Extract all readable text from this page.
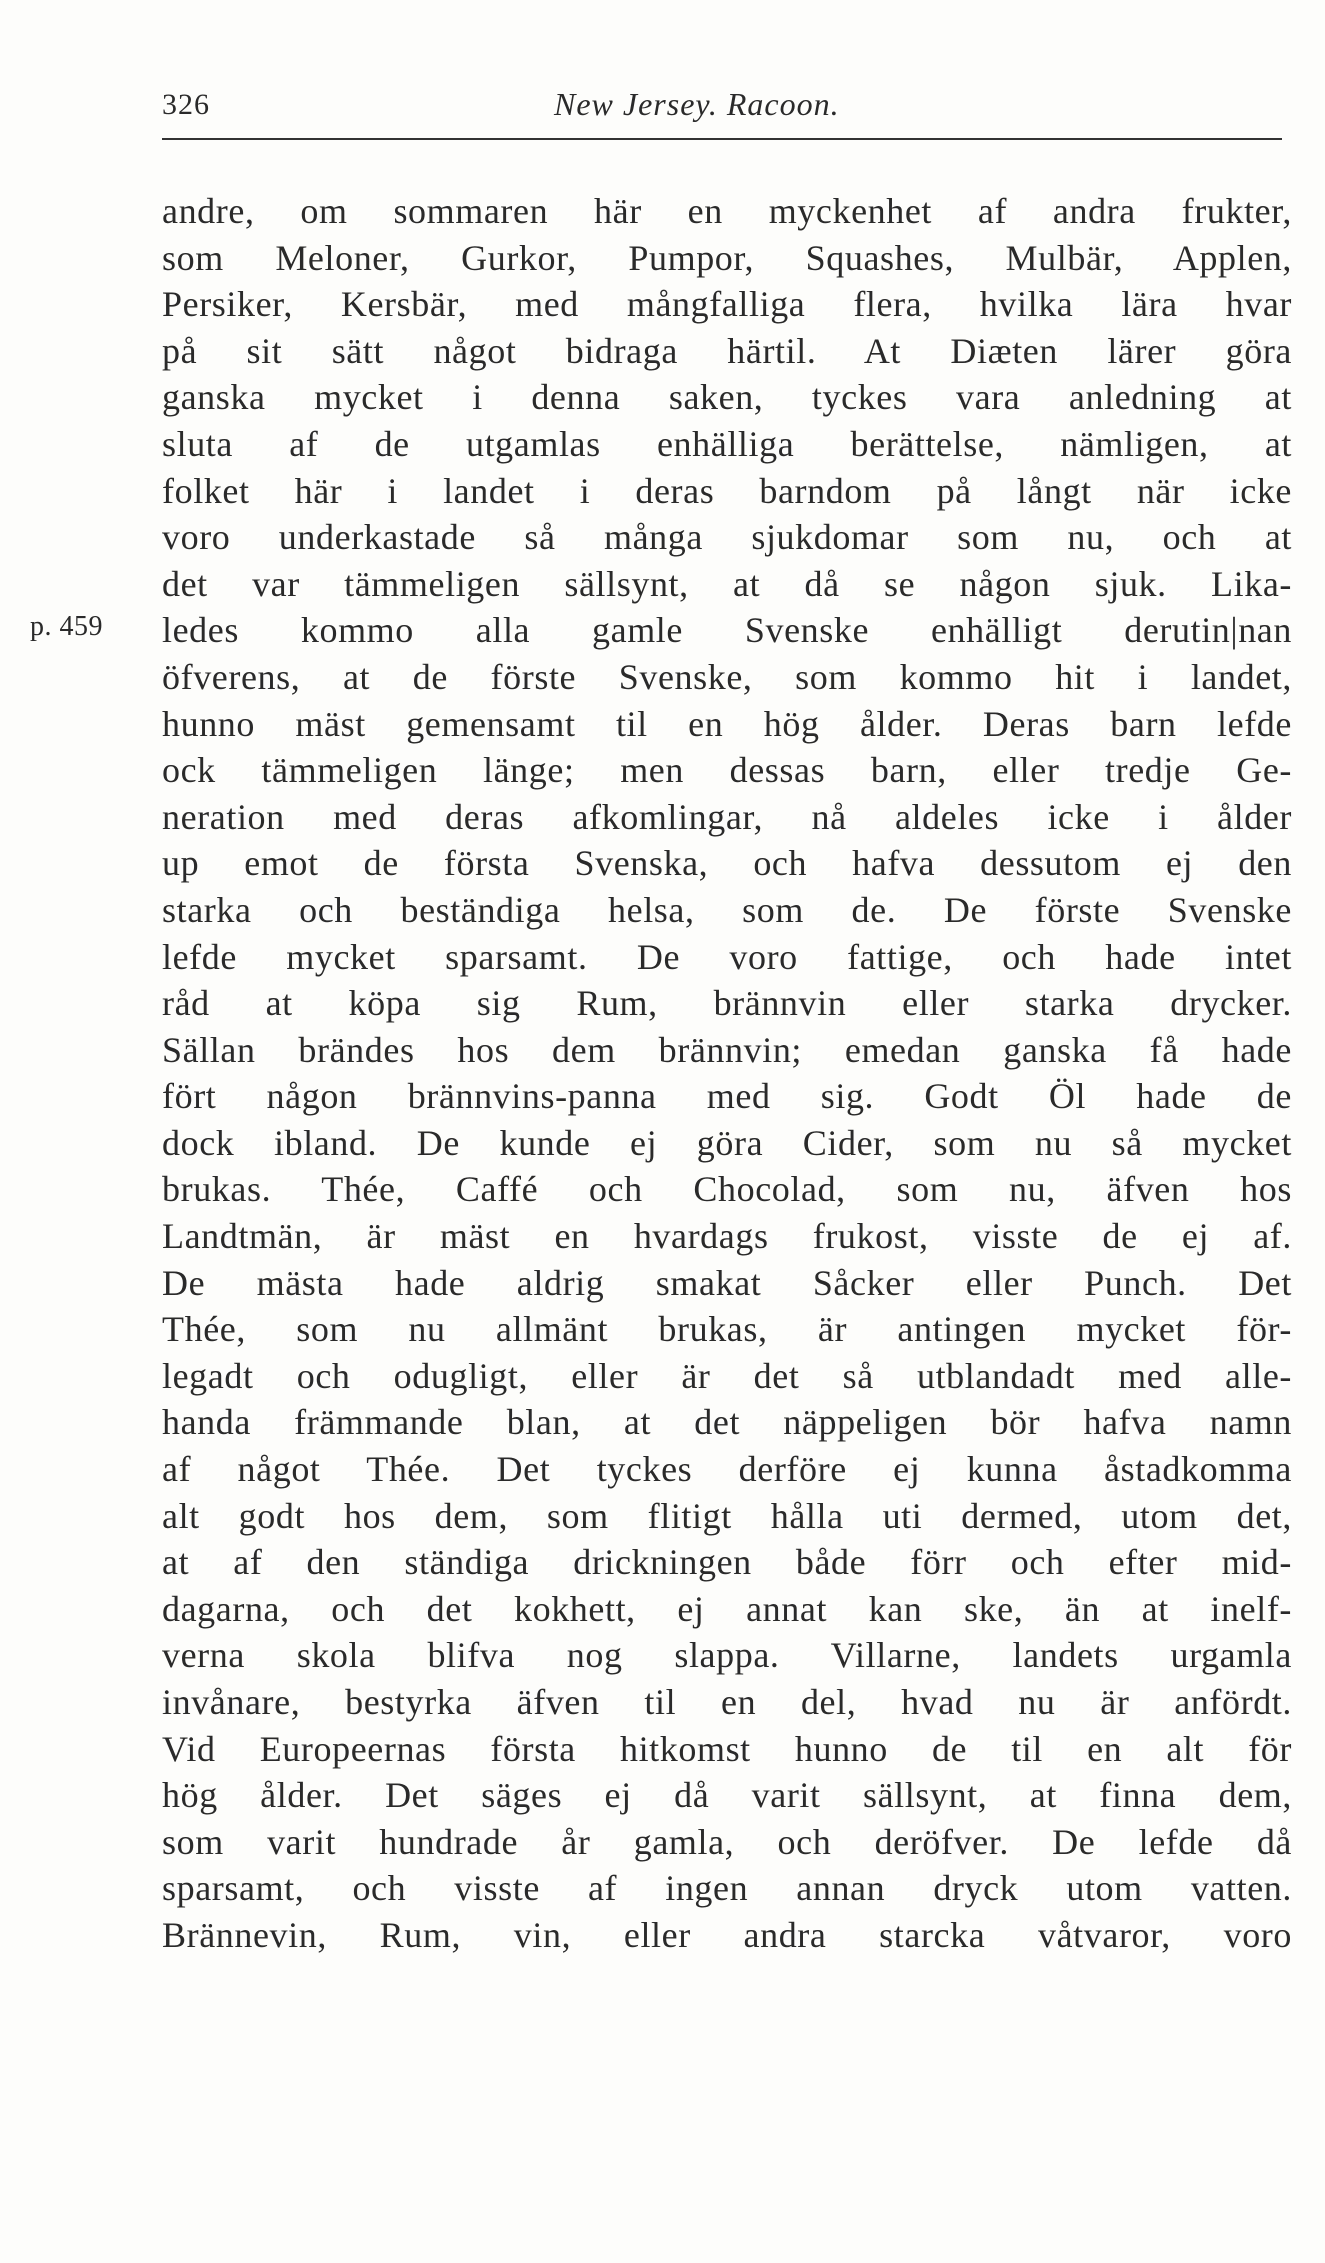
326	New Jersey. Racoon.
p. 459
andre, om sommaren här en myckenhet af andra frukter,
som Meloner, Gurkor, Pumpor, Squashes, Mulbär, Applen,
Persiker, Kersbär, med mångfalliga flera, hvilka lära hvar
på sit sätt något bidraga härtil. At Diæten lärer göra
ganska mycket i denna saken, tyckes vara anledning at
sluta af de utgamlas enhälliga berättelse, nämligen, at
folket här i landet i deras barndom på långt när icke
voro underkastade så många sjukdomar som nu, och at
det var tämmeligen sällsynt, at då se någon sjuk. Lika-
ledes kommo alla gamle Svenske enhälligt derutin|nan
öfverens, at de förste Svenske, som kommo hit i landet,
hunno mäst gemensamt til en hög ålder. Deras barn lefde
ock tämmeligen länge; men dessas barn, eller tredje Ge-
neration med deras afkomlingar, nå aldeles icke i ålder
up emot de första Svenska, och hafva dessutom ej den
starka och beständiga helsa, som de. De förste Svenske
lefde mycket sparsamt. De voro fattige, och hade intet
råd at köpa sig Rum, brännvin eller starka drycker.
Sällan brändes hos dem brännvin; emedan ganska få hade
fört någon brännvins-panna med sig. Godt Öl hade de
dock ibland. De kunde ej göra Cider, som nu så mycket
brukas. Thée, Caffé och Chocolad, som nu, äfven hos
Landtmän, är mäst en hvardags frukost, visste de ej af.
De mästa hade aldrig smakat Såcker eller Punch. Det
Thée, som nu allmänt brukas, är antingen mycket för-
legadt och odugligt, eller är det så utblandadt med alle-
handa främmande blan, at det näppeligen bör hafva namn
af något Thée. Det tyckes derföre ej kunna åstadkomma
alt godt hos dem, som flitigt hålla uti dermed, utom det,
at af den ständiga drickningen både förr och efter mid-
dagarna, och det kokhett, ej annat kan ske, än at inelf-
verna skola blifva nog slappa. Villarne, landets urgamla
invånare, bestyrka äfven til en del, hvad nu är anfördt.
Vid Europeernas första hitkomst hunno de til en alt för
hög ålder. Det säges ej då varit sällsynt, at finna dem,
som varit hundrade år gamla, och deröfver. De lefde då
sparsamt, och visste af ingen annan dryck utom vatten.
Brännevin, Rum, vin, eller andra starcka våtvaror, voro
